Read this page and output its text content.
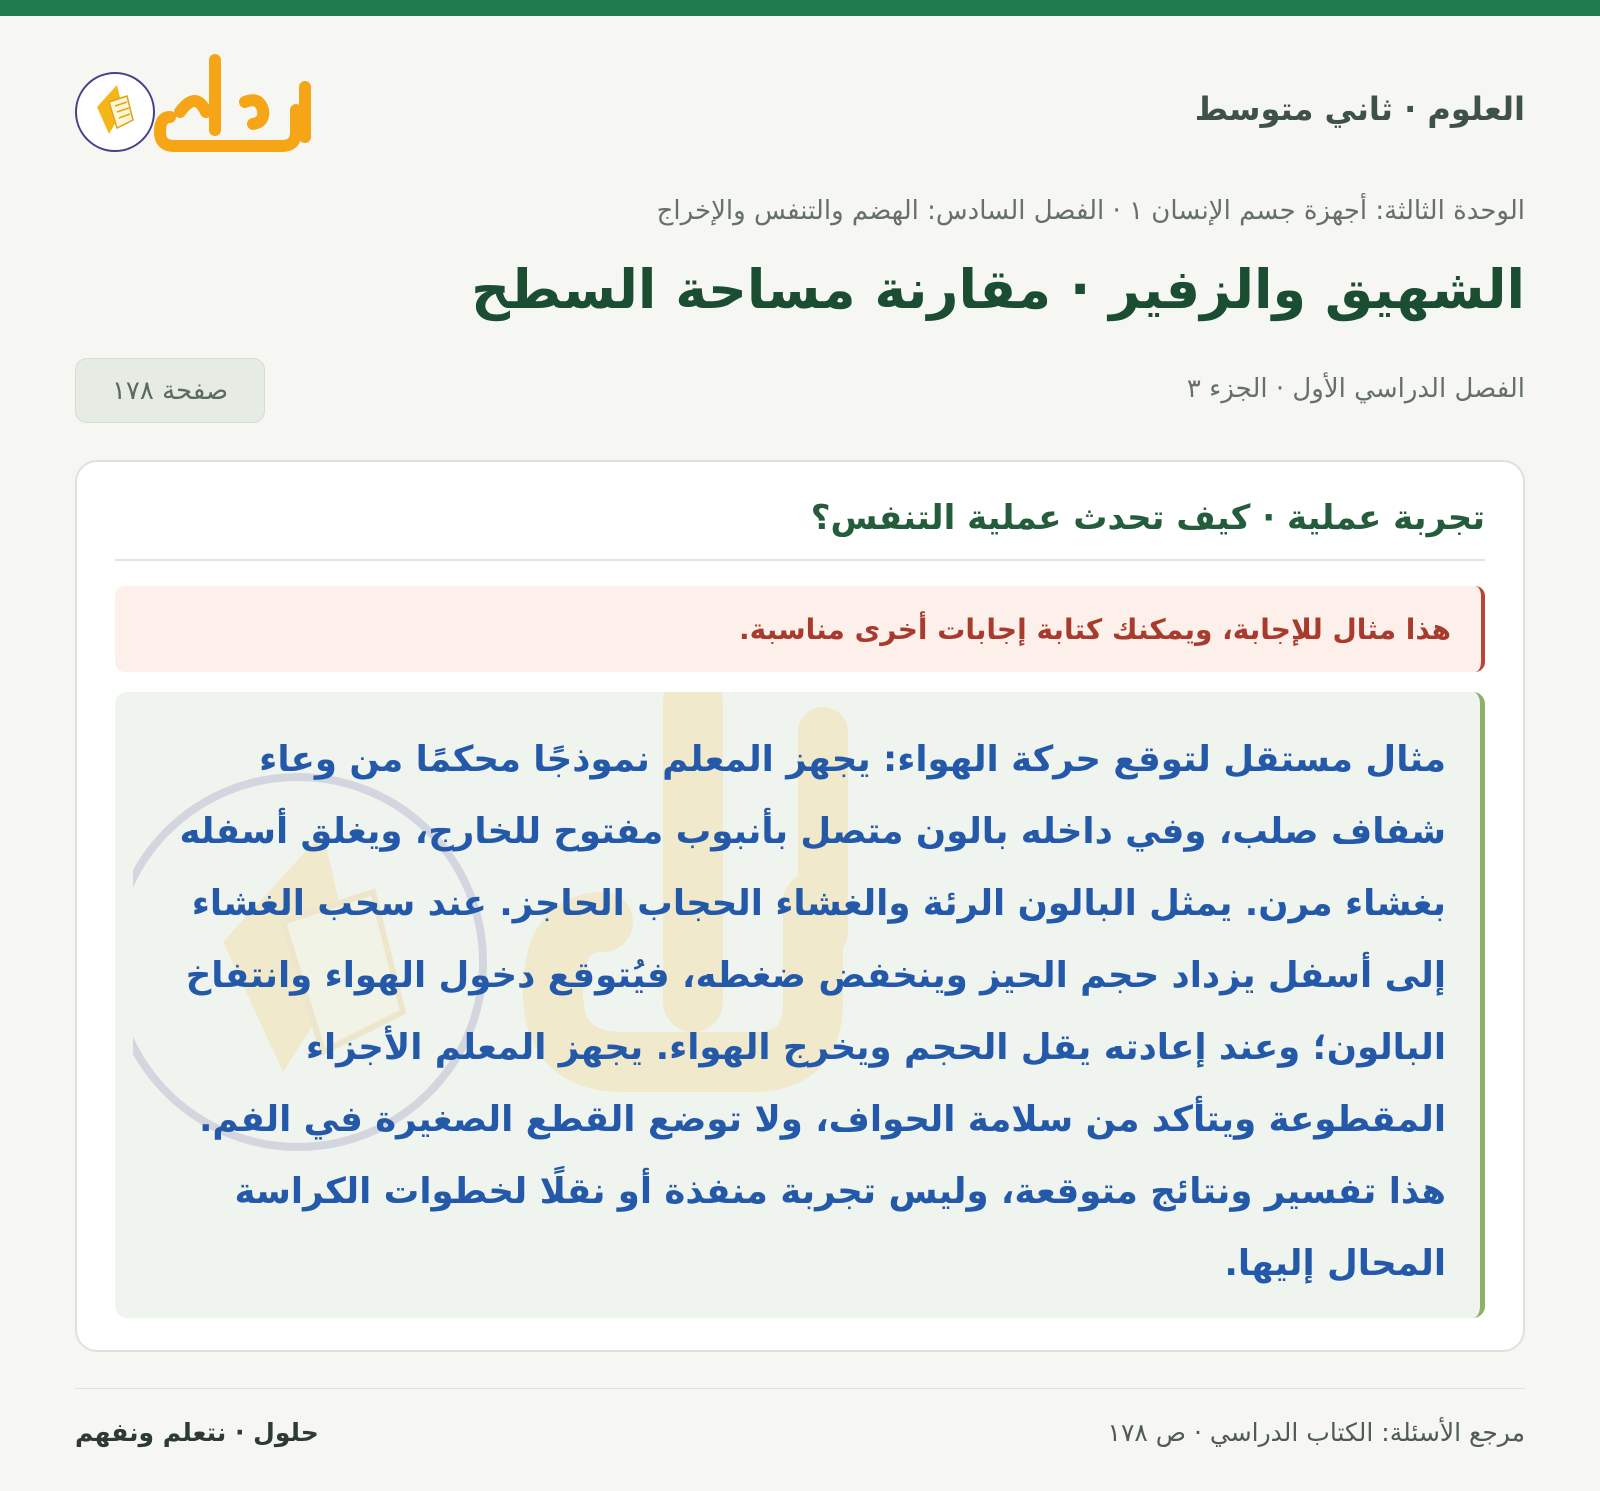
العلوم · ثاني متوسط
حلول
الوحدة الثالثة: أجهزة جسم الإنسان ١ · الفصل السادس: الهضم والتنفس والإخراج
الشهيق والزفير · مقارنة مساحة السطح
الفصل الدراسي الأول · الجزء ٣
صفحة ١٧٨
تجربة عملية · كيف تحدث عملية التنفس؟
هذا مثال للإجابة، ويمكنك كتابة إجابات أخرى مناسبة.
مثال مستقل لتوقع حركة الهواء: يجهز المعلم نموذجًا محكمًا من وعاء شفاف صلب، وفي داخله بالون متصل بأنبوب مفتوح للخارج، ويغلق أسفله بغشاء مرن. يمثل البالون الرئة والغشاء الحجاب الحاجز. عند سحب الغشاء إلى أسفل يزداد حجم الحيز وينخفض ضغطه، فيُتوقع دخول الهواء وانتفاخ البالون؛ وعند إعادته يقل الحجم ويخرج الهواء. يجهز المعلم الأجزاء المقطوعة ويتأكد من سلامة الحواف، ولا توضع القطع الصغيرة في الفم. هذا تفسير ونتائج متوقعة، وليس تجربة منفذة أو نقلًا لخطوات الكراسة المحال إليها.
مرجع الأسئلة: الكتاب الدراسي · ص ١٧٨
حلول · نتعلم ونفهم
